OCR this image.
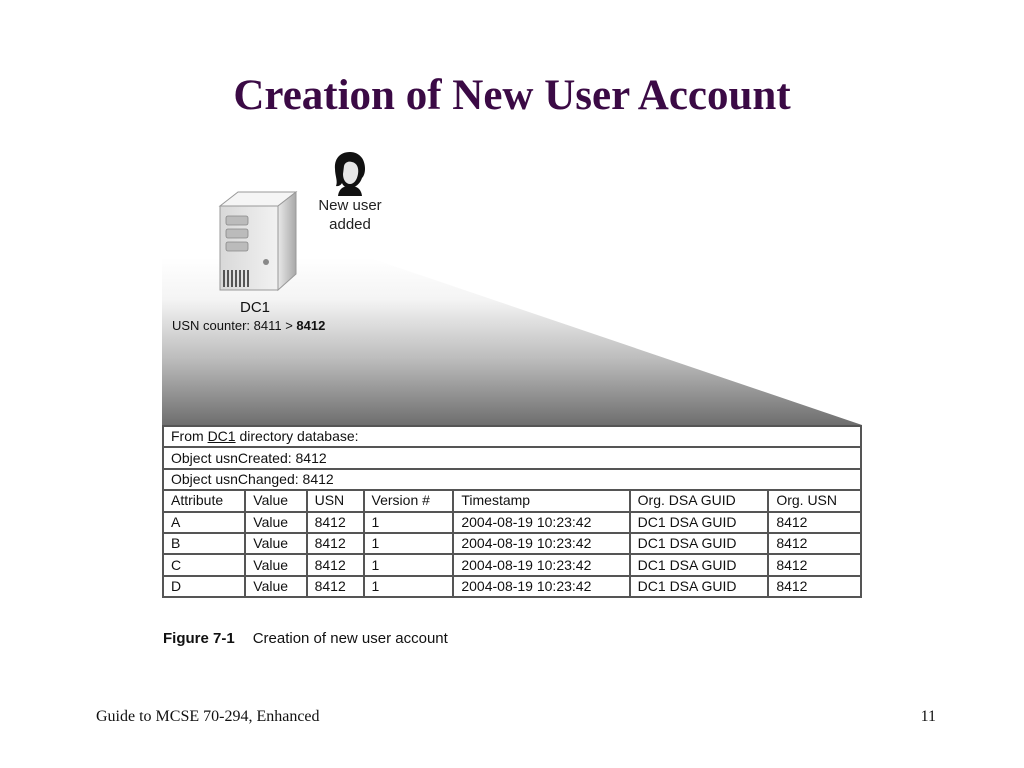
Creation of New User Account
New user
added
DC1
USN counter: 8411 > 8412
From DC1 directory database:						
Object usnCreated: 8412						
Object usnChanged: 8412						
Attribute	Value	USN	Version #	Timestamp	Org. DSA GUID	Org. USN
A	Value	8412	1	2004-08-19 10:23:42	DC1 DSA GUID	8412
B	Value	8412	1	2004-08-19 10:23:42	DC1 DSA GUID	8412
C	Value	8412	1	2004-08-19 10:23:42	DC1 DSA GUID	8412
D	Value	8412	1	2004-08-19 10:23:42	DC1 DSA GUID	8412
Figure 7-1 Creation of new user account
Guide to MCSE 70-294, Enhanced	11
